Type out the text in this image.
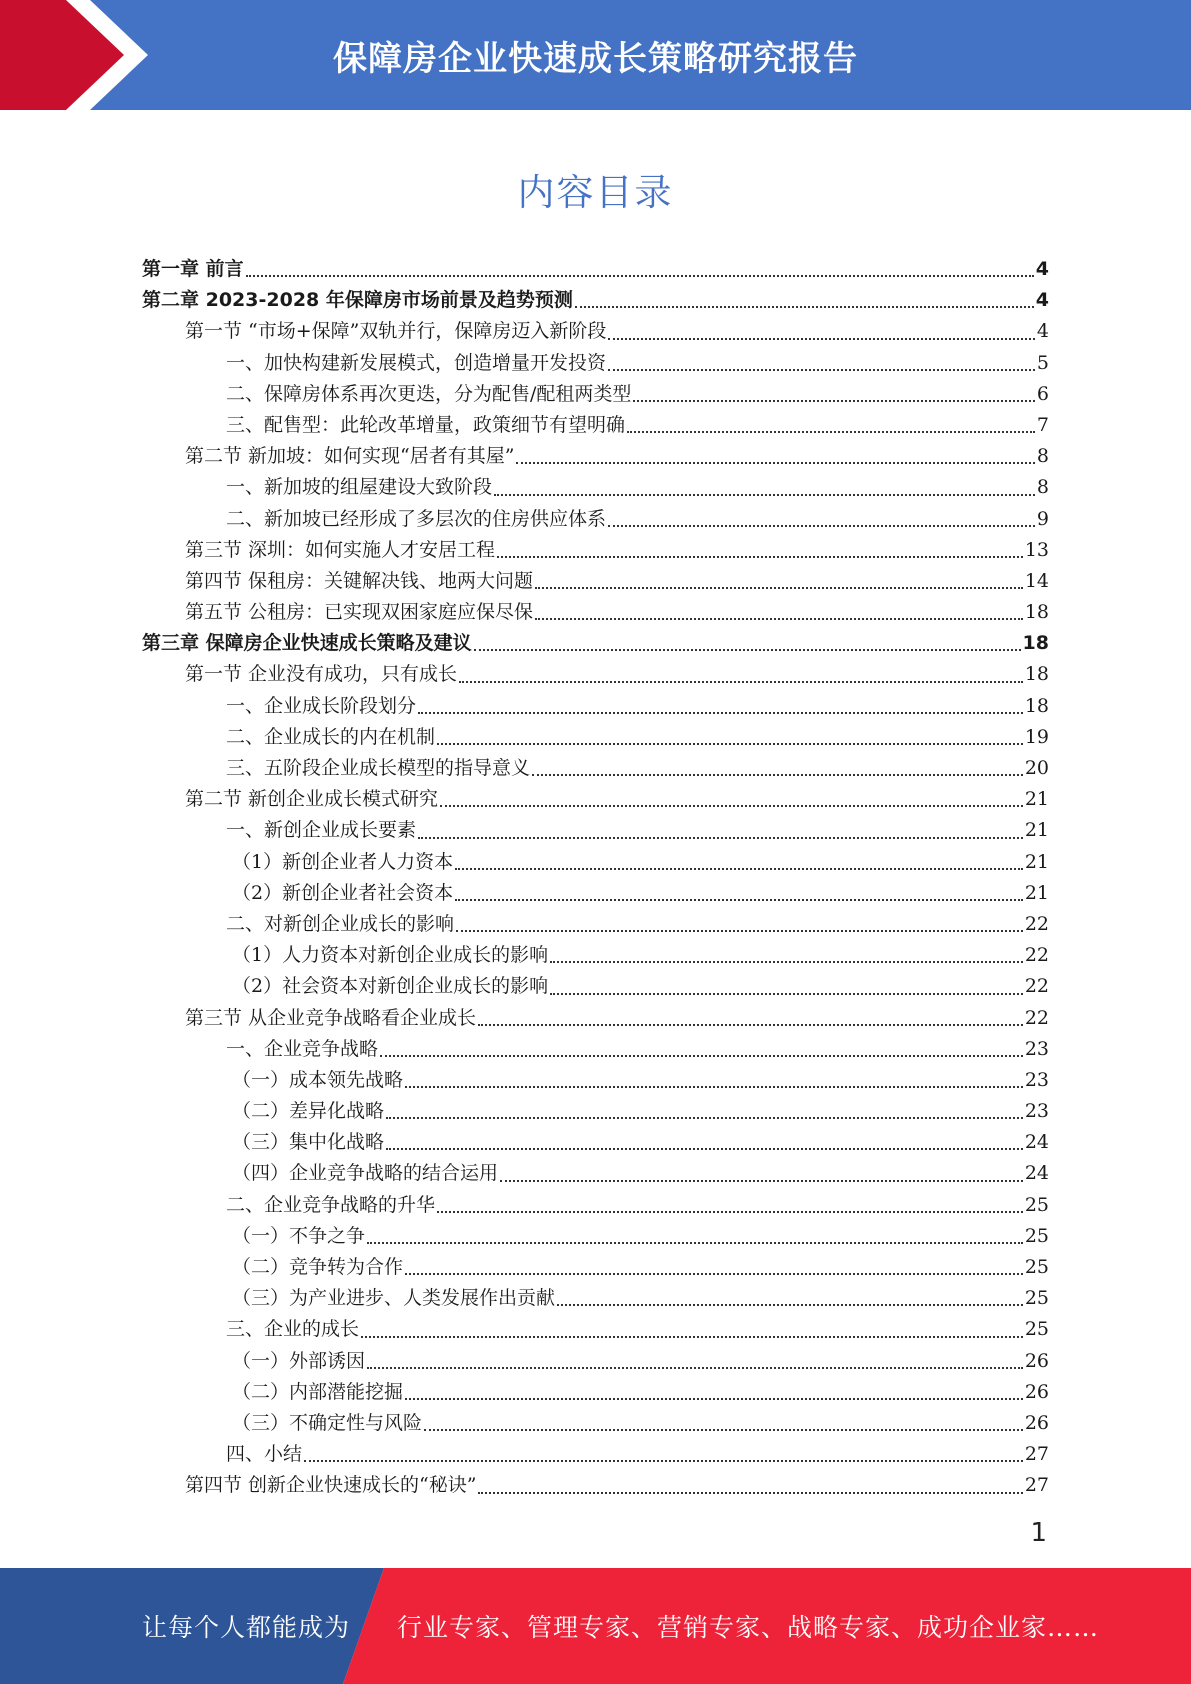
保障房企业快速成长策略研究报告
内容目录
第一章 前言	4
第二章 2023-2028 年保障房市场前景及趋势预测	4
第一节 “市场+保障”双轨并行，保障房迈入新阶段	4
一、加快构建新发展模式，创造增量开发投资	5
二、保障房体系再次更迭，分为配售/配租两类型	6
三、配售型：此轮改革增量，政策细节有望明确	7
第二节 新加坡：如何实现“居者有其屋”	8
一、新加坡的组屋建设大致阶段	8
二、新加坡已经形成了多层次的住房供应体系	9
第三节 深圳：如何实施人才安居工程	13
第四节 保租房：关键解决钱、地两大问题	14
第五节 公租房：已实现双困家庭应保尽保	18
第三章 保障房企业快速成长策略及建议	18
第一节 企业没有成功，只有成长	18
一、企业成长阶段划分	18
二、企业成长的内在机制	19
三、五阶段企业成长模型的指导意义	20
第二节 新创企业成长模式研究	21
一、新创企业成长要素	21
（1）新创企业者人力资本	21
（2）新创企业者社会资本	21
二、对新创企业成长的影响	22
（1）人力资本对新创企业成长的影响	22
（2）社会资本对新创企业成长的影响	22
第三节 从企业竞争战略看企业成长	22
一、企业竞争战略	23
（一）成本领先战略	23
（二）差异化战略	23
（三）集中化战略	24
（四）企业竞争战略的结合运用	24
二、企业竞争战略的升华	25
（一）不争之争	25
（二）竞争转为合作	25
（三）为产业进步、人类发展作出贡献	25
三、企业的成长	25
（一）外部诱因	26
（二）内部潜能挖掘	26
（三）不确定性与风险	26
四、小结	27
第四节 创新企业快速成长的“秘诀”	27
1
让每个人都能成为 行业专家、管理专家、营销专家、战略专家、成功企业家……
